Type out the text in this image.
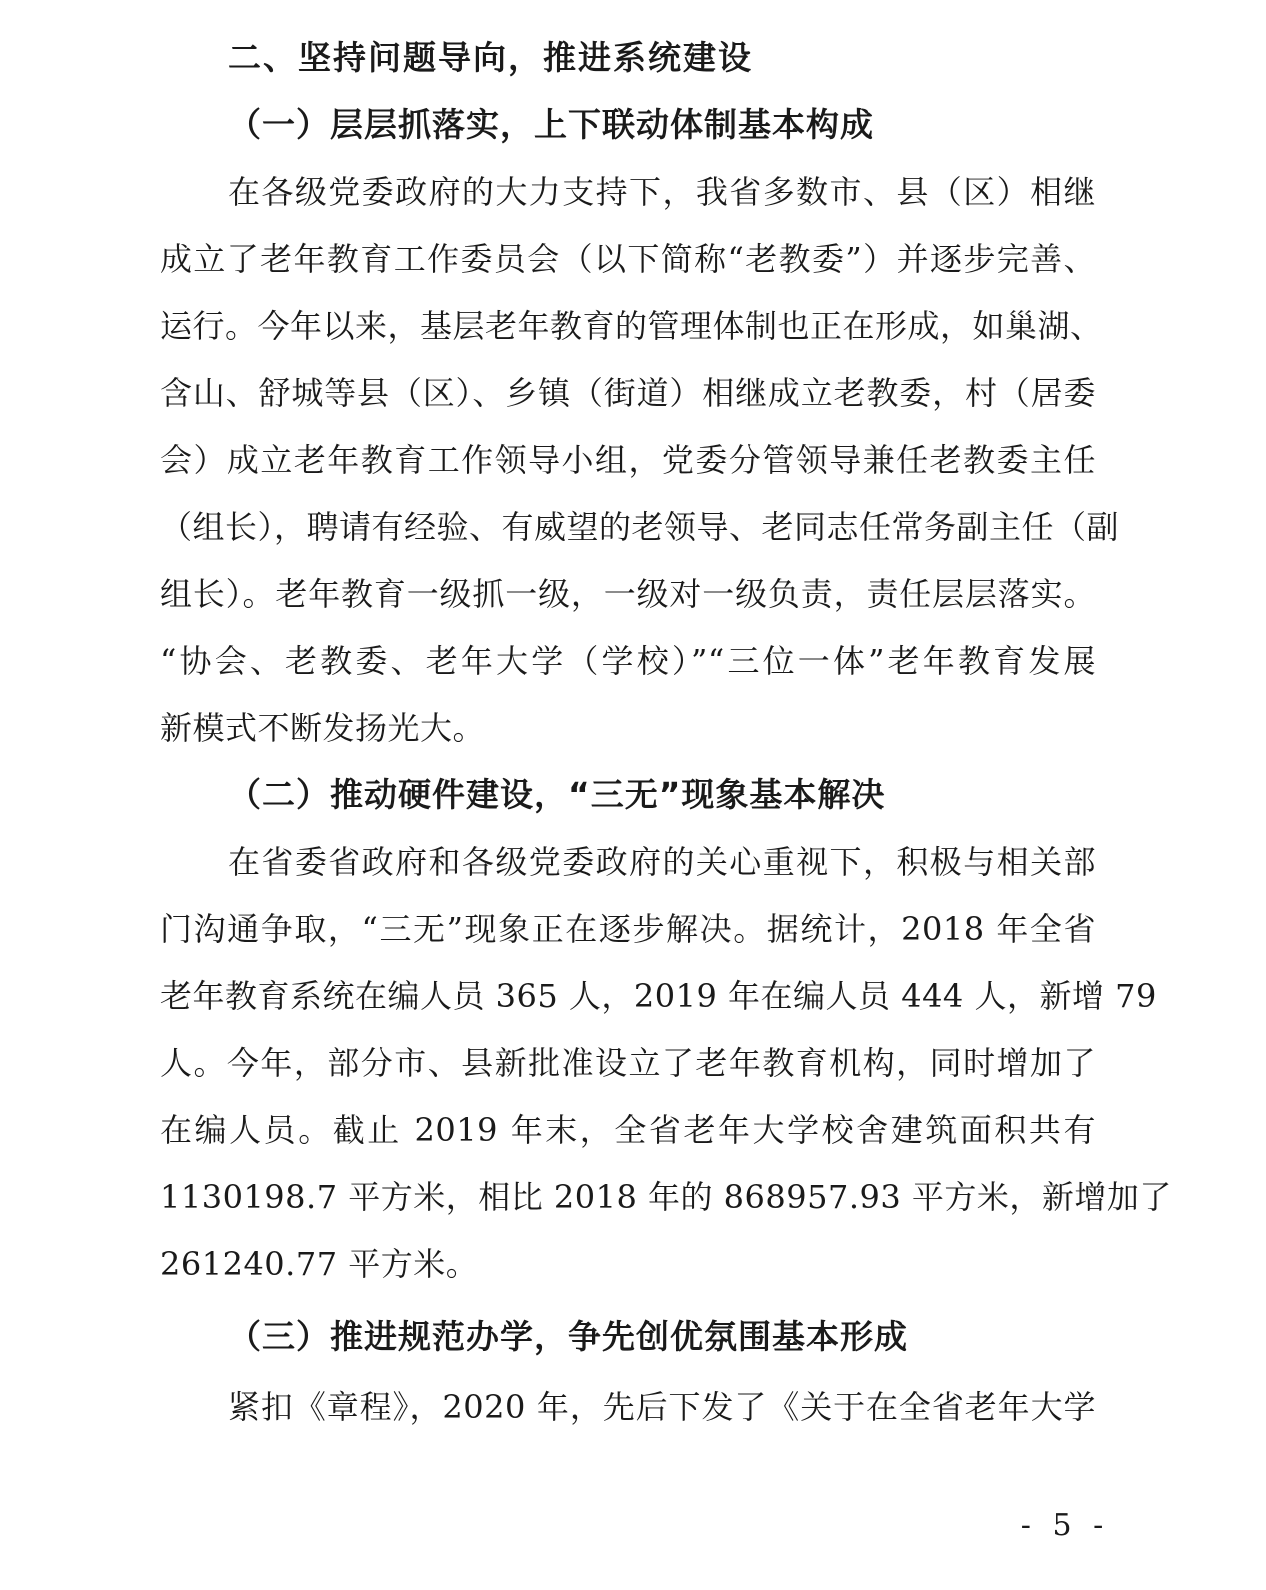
二、坚持问题导向，推进系统建设
（一）层层抓落实，上下联动体制基本构成
在各级党委政府的大力支持下，我省多数市、县（区）相继
成立了老年教育工作委员会（以下简称“老教委”）并逐步完善、
运行。今年以来，基层老年教育的管理体制也正在形成，如巢湖、
含山、舒城等县（区）、乡镇（街道）相继成立老教委，村（居委
会）成立老年教育工作领导小组，党委分管领导兼任老教委主任
（组长），聘请有经验、有威望的老领导、老同志任常务副主任（副
组长）。老年教育一级抓一级，一级对一级负责，责任层层落实。
“协会、老教委、老年大学（学校）”“三位一体”老年教育发展
新模式不断发扬光大。
（二）推动硬件建设，“三无”现象基本解决
在省委省政府和各级党委政府的关心重视下，积极与相关部
门沟通争取，“三无”现象正在逐步解决。据统计，2018 年全省
老年教育系统在编人员 365 人，2019 年在编人员 444 人，新增 79
人。今年，部分市、县新批准设立了老年教育机构，同时增加了
在编人员。截止 2019 年末，全省老年大学校舍建筑面积共有
1130198.7 平方米，相比 2018 年的 868957.93 平方米，新增加了
261240.77 平方米。
（三）推进规范办学，争先创优氛围基本形成
紧扣《章程》，2020 年，先后下发了《关于在全省老年大学
- 5 -
